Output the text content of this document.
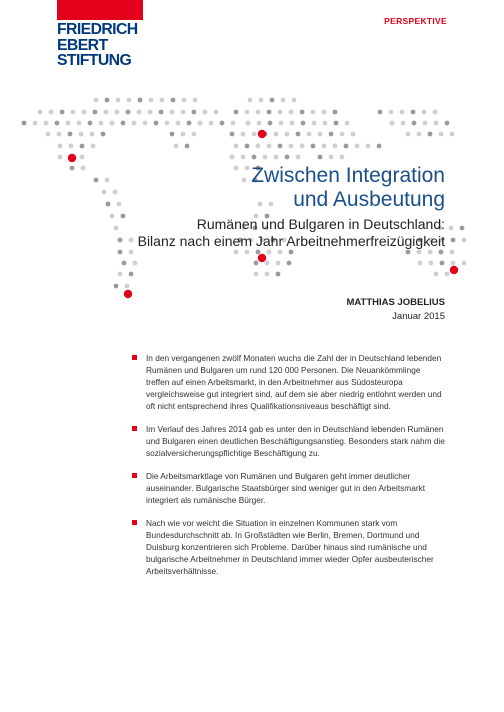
FRIEDRICH
EBERT
STIFTUNG
PERSPEKTIVE
Zwischen Integration
und Ausbeutung
Rumänen und Bulgaren in Deutschland:
Bilanz nach einem Jahr Arbeitnehmerfreizügigkeit
MATTHIAS JOBELIUS
Januar 2015
In den vergangenen zwölf Monaten wuchs die Zahl der in Deutschland lebenden Rumänen und Bulgaren um rund 120 000 Personen. Die Neuankömmlinge treffen auf einen Arbeitsmarkt, in den Arbeitnehmer aus Südosteuropa vergleichsweise gut integriert sind, auf dem sie aber niedrig entlohnt werden und oft nicht entsprechend ihres Qualifikationsniveaus beschäftigt sind.
Im Verlauf des Jahres 2014 gab es unter den in Deutschland lebenden Rumänen und Bulgaren einen deutlichen Beschäftigungsanstieg. Besonders stark nahm die sozialversicherungspflichtige Beschäftigung zu.
Die Arbeitsmarktlage von Rumänen und Bulgaren geht immer deutlicher auseinander. Bulgarische Staatsbürger sind weniger gut in den Arbeitsmarkt integriert als rumänische Bürger.
Nach wie vor weicht die Situation in einzelnen Kommunen stark vom Bundesdurchschnitt ab. In Großstädten wie Berlin, Bremen, Dortmund und Duisburg konzentrieren sich Probleme. Darüber hinaus sind rumänische und bulgarische Arbeitnehmer in Deutschland immer wieder Opfer ausbeuterischer Arbeitsverhältnisse.
